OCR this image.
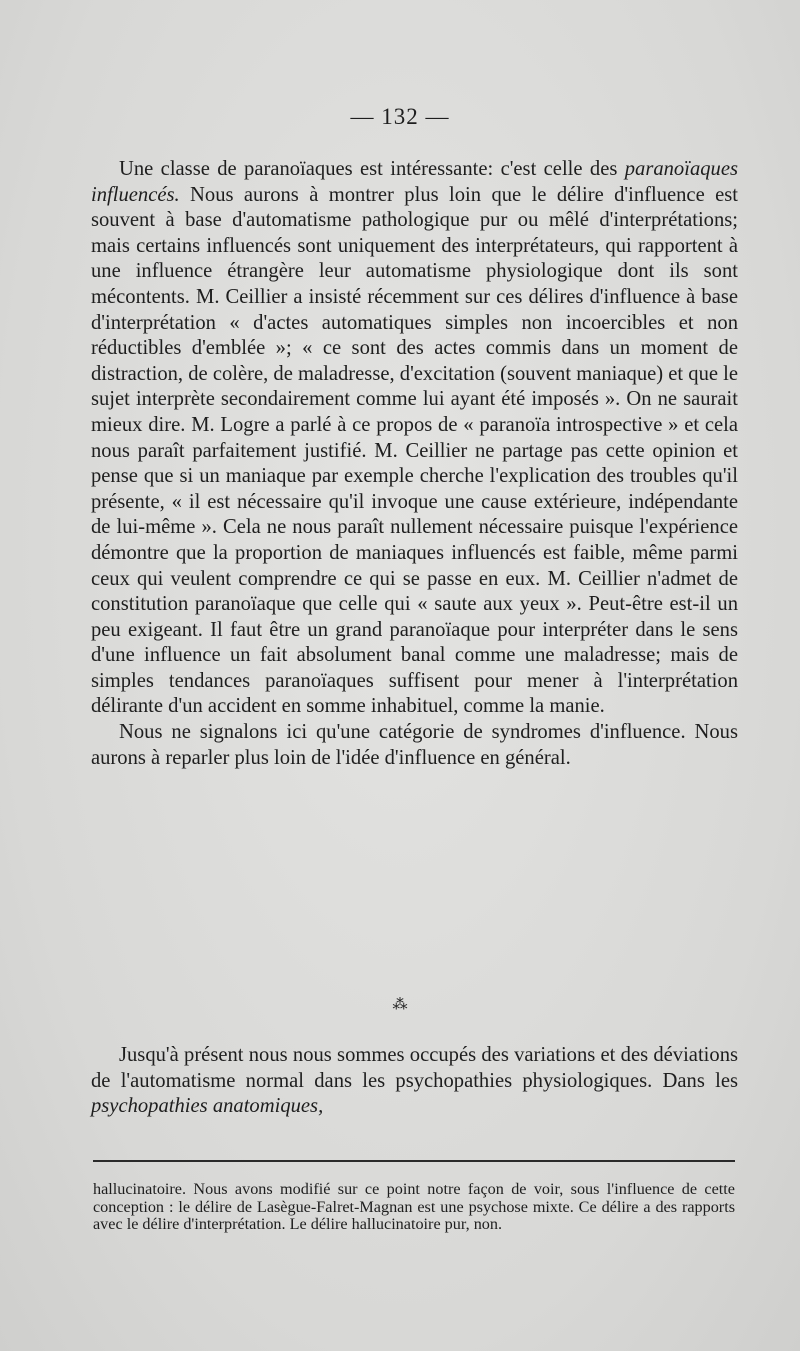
— 132 —

Une classe de paranoïaques est intéressante: c'est celle des paranoïaques influencés. Nous aurons à montrer plus loin que le délire d'influence est souvent à base d'automatisme pathologique pur ou mêlé d'interprétations; mais certains influencés sont uniquement des interprétateurs, qui rapportent à une influence étrangère leur automatisme physiologique dont ils sont mécontents. M. Ceillier a insisté récemment sur ces délires d'influence à base d'interprétation « d'actes automatiques simples non incoercibles et non réductibles d'emblée »; « ce sont des actes commis dans un moment de distraction, de colère, de maladresse, d'excitation (souvent maniaque) et que le sujet interprète secondairement comme lui ayant été imposés ». On ne saurait mieux dire. M. Logre a parlé à ce propos de « paranoïa introspective » et cela nous paraît parfaitement justifié. M. Ceillier ne partage pas cette opinion et pense que si un maniaque par exemple cherche l'explication des troubles qu'il présente, « il est nécessaire qu'il invoque une cause extérieure, indépendante de lui-même ». Cela ne nous paraît nullement nécessaire puisque l'expérience démontre que la proportion de maniaques influencés est faible, même parmi ceux qui veulent comprendre ce qui se passe en eux. M. Ceillier n'admet de constitution paranoïaque que celle qui « saute aux yeux ». Peut-être est-il un peu exigeant. Il faut être un grand paranoïaque pour interpréter dans le sens d'une influence un fait absolument banal comme une maladresse; mais de simples tendances paranoïaques suffisent pour mener à l'interprétation délirante d'un accident en somme inhabituel, comme la manie.

Nous ne signalons ici qu'une catégorie de syndromes d'influence. Nous aurons à reparler plus loin de l'idée d'influence en général.

⁂

Jusqu'à présent nous nous sommes occupés des variations et des déviations de l'automatisme normal dans les psychopathies physiologiques. Dans les psychopathies anatomiques,

hallucinatoire. Nous avons modifié sur ce point notre façon de voir, sous l'influence de cette conception : le délire de Lasègue-Falret-Magnan est une psychose mixte. Ce délire a des rapports avec le délire d'interprétation. Le délire hallucinatoire pur, non.
